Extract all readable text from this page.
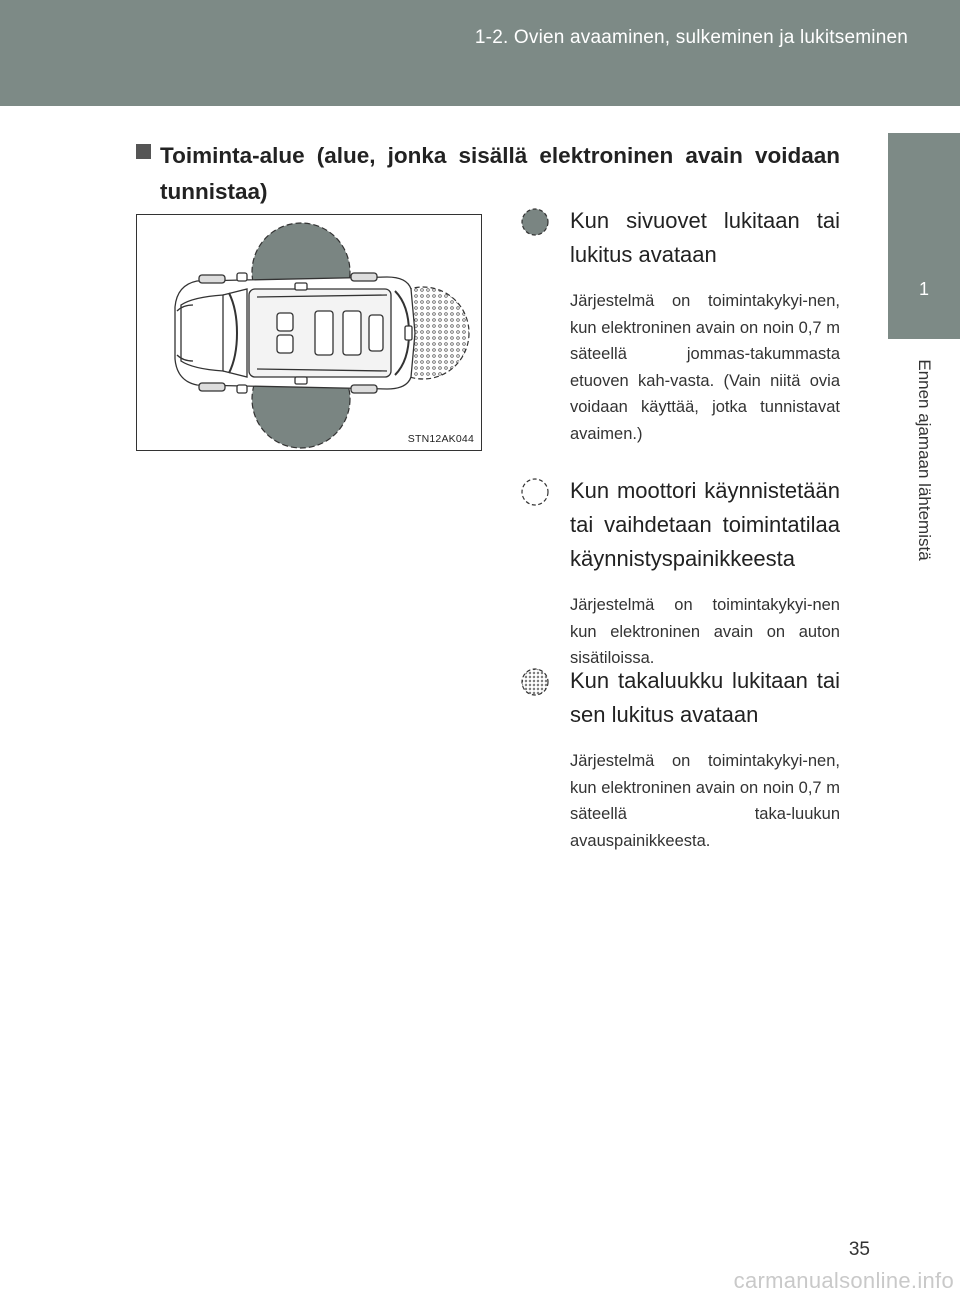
1-2. Ovien avaaminen, sulkeminen ja lukitseminen
1
Ennen ajamaan lähtemistä
Toiminta-alue (alue, jonka sisällä elektroninen avain voidaan tunnistaa)
STN12AK044
Kun sivuovet lukitaan tai lukitus avataan
Järjestelmä on toimintakykyi-nen, kun elektroninen avain on noin 0,7 m säteellä jommas-takummasta etuoven kah-vasta. (Vain niitä ovia voidaan käyttää, jotka tunnistavat avaimen.)
Kun moottori käynnistetään tai vaihdetaan toimintatilaa käynnistyspainikkeesta
Järjestelmä on toimintakykyi-nen kun elektroninen avain on auton sisätiloissa.
Kun takaluukku lukitaan tai sen lukitus avataan
Järjestelmä on toimintakykyi-nen, kun elektroninen avain on noin 0,7 m säteellä taka-luukun avauspainikkeesta.
35
carmanualsonline.info
